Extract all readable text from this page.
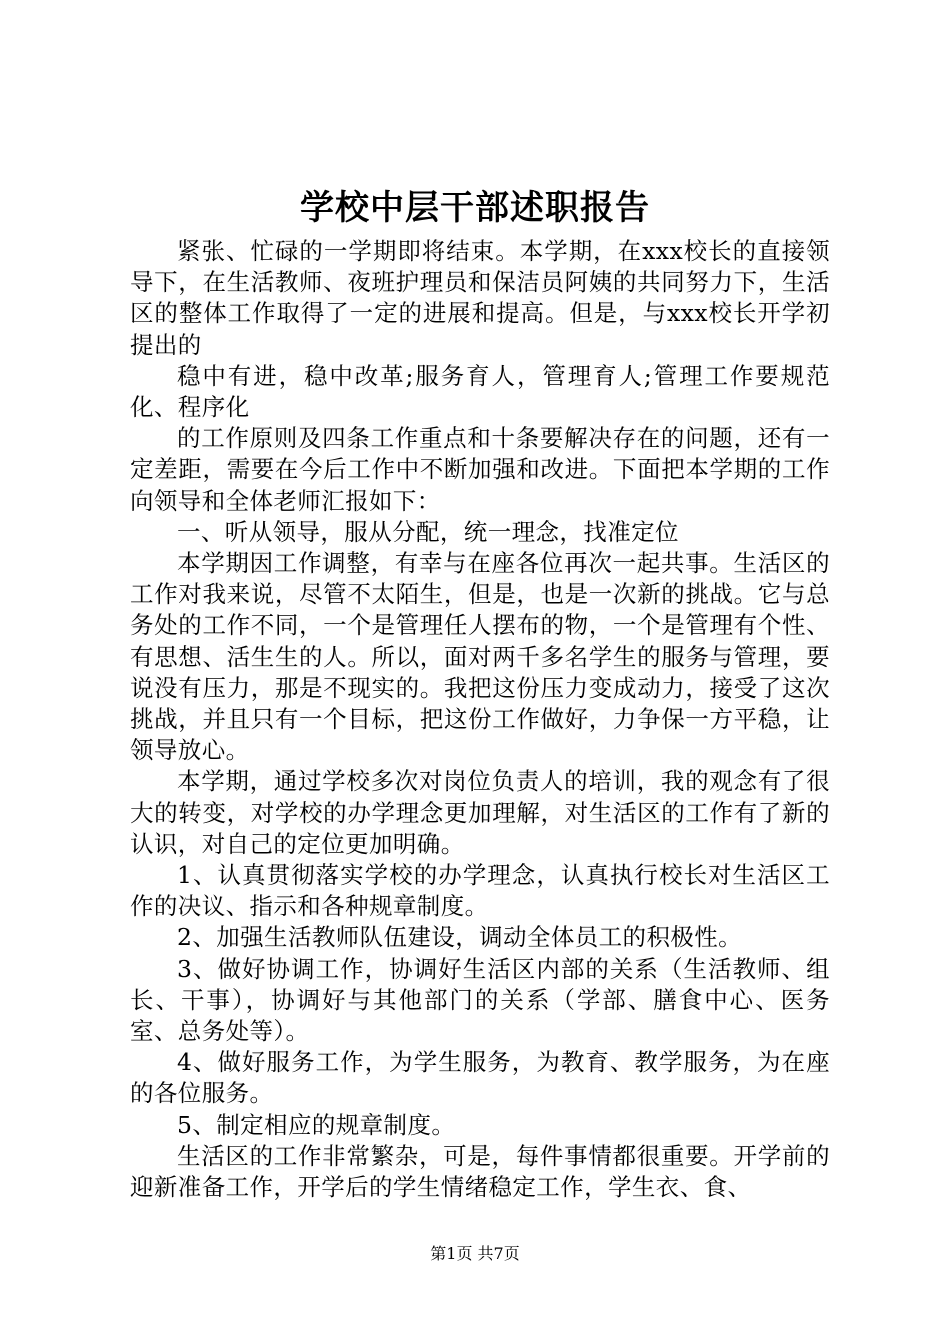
学校中层干部述职报告

紧张、忙碌的一学期即将结束。本学期，在xxx校长的直接领导下，在生活教师、夜班护理员和保洁员阿姨的共同努力下，生活区的整体工作取得了一定的进展和提高。但是，与xxx校长开学初提出的

稳中有进，稳中改革;服务育人，管理育人;管理工作要规范化、程序化

的工作原则及四条工作重点和十条要解决存在的问题，还有一定差距，需要在今后工作中不断加强和改进。下面把本学期的工作向领导和全体老师汇报如下：

一、听从领导，服从分配，统一理念，找准定位

本学期因工作调整，有幸与在座各位再次一起共事。生活区的工作对我来说，尽管不太陌生，但是，也是一次新的挑战。它与总务处的工作不同，一个是管理任人摆布的物，一个是管理有个性、有思想、活生生的人。所以，面对两千多名学生的服务与管理，要说没有压力，那是不现实的。我把这份压力变成动力，接受了这次挑战，并且只有一个目标，把这份工作做好，力争保一方平稳，让领导放心。

本学期，通过学校多次对岗位负责人的培训，我的观念有了很大的转变，对学校的办学理念更加理解，对生活区的工作有了新的认识，对自己的定位更加明确。

1、认真贯彻落实学校的办学理念，认真执行校长对生活区工作的决议、指示和各种规章制度。

2、加强生活教师队伍建设，调动全体员工的积极性。

3、做好协调工作，协调好生活区内部的关系（生活教师、组长、干事），协调好与其他部门的关系（学部、膳食中心、医务室、总务处等）。

4、做好服务工作，为学生服务，为教育、教学服务，为在座的各位服务。

5、制定相应的规章制度。

生活区的工作非常繁杂，可是，每件事情都很重要。开学前的迎新准备工作，开学后的学生情绪稳定工作，学生衣、食、

第1页 共7页
